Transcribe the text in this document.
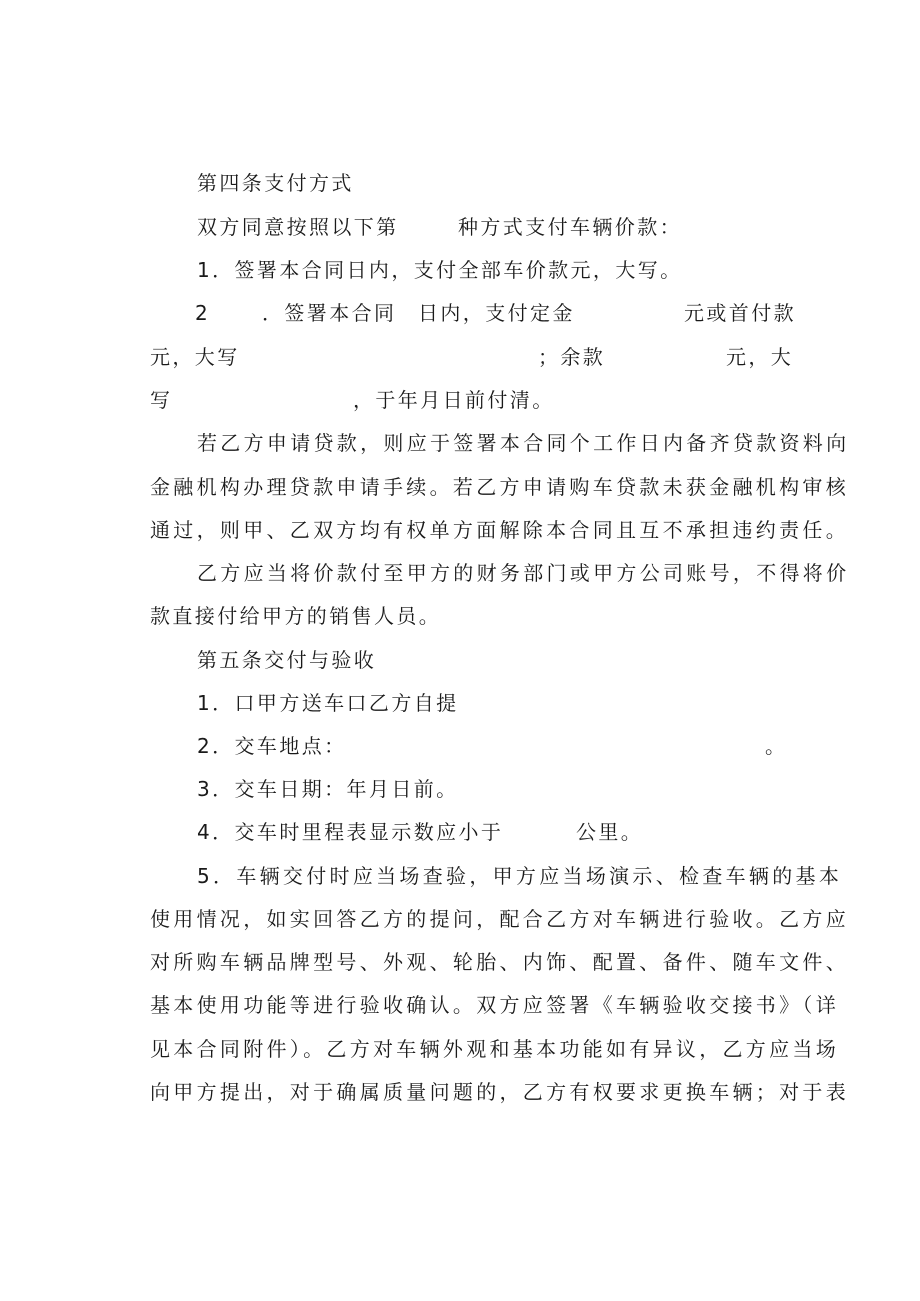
第四条支付方式
双方同意按照以下第	种方式支付车辆价款：
1．签署本合同日内，支付全部车价款元，大写。
2	．签署本合同 日内，支付定金	元或首付款
元，大写	；余款	元，大
写	，于年月日前付清。
若乙方申请贷款，则应于签署本合同个工作日内备齐贷款资料向
金融机构办理贷款申请手续。若乙方申请购车贷款未获金融机构审核
通过，则甲、乙双方均有权单方面解除本合同且互不承担违约责任。
乙方应当将价款付至甲方的财务部门或甲方公司账号，不得将价
款直接付给甲方的销售人员。
第五条交付与验收
1．口甲方送车口乙方自提
2．交车地点：	。
3．交车日期：年月日前。
4．交车时里程表显示数应小于	公里。
5．车辆交付时应当场查验，甲方应当场演示、检查车辆的基本
使用情况，如实回答乙方的提问，配合乙方对车辆进行验收。乙方应
对所购车辆品牌型号、外观、轮胎、内饰、配置、备件、随车文件、
基本使用功能等进行验收确认。双方应签署《车辆验收交接书》（详
见本合同附件）。乙方对车辆外观和基本功能如有异议，乙方应当场
向甲方提出，对于确属质量问题的，乙方有权要求更换车辆；对于表
